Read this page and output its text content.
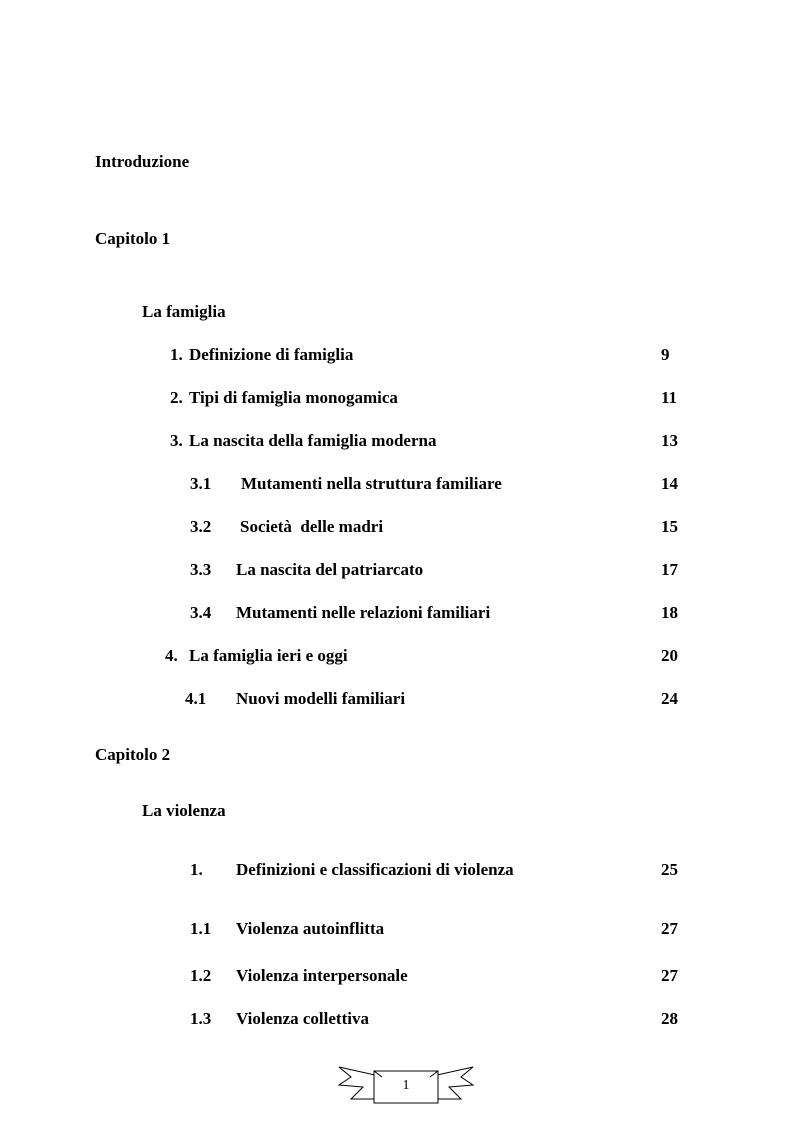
Introduzione
Capitolo 1
La famiglia
1. Definizione di famiglia	9
2. Tipi di famiglia monogamica	11
3. La nascita della famiglia moderna	13
3.1 Mutamenti nella struttura familiare	14
3.2 Società  delle madri	15
3.3 La nascita del patriarcato	17
3.4 Mutamenti nelle relazioni familiari	18
4. La famiglia ieri e oggi	20
4.1 Nuovi modelli familiari	24
Capitolo 2
La violenza
1. Definizioni e classificazioni di violenza	25
1.1 Violenza autoinflitta	27
1.2 Violenza interpersonale	27
1.3 Violenza collettiva	28
1
